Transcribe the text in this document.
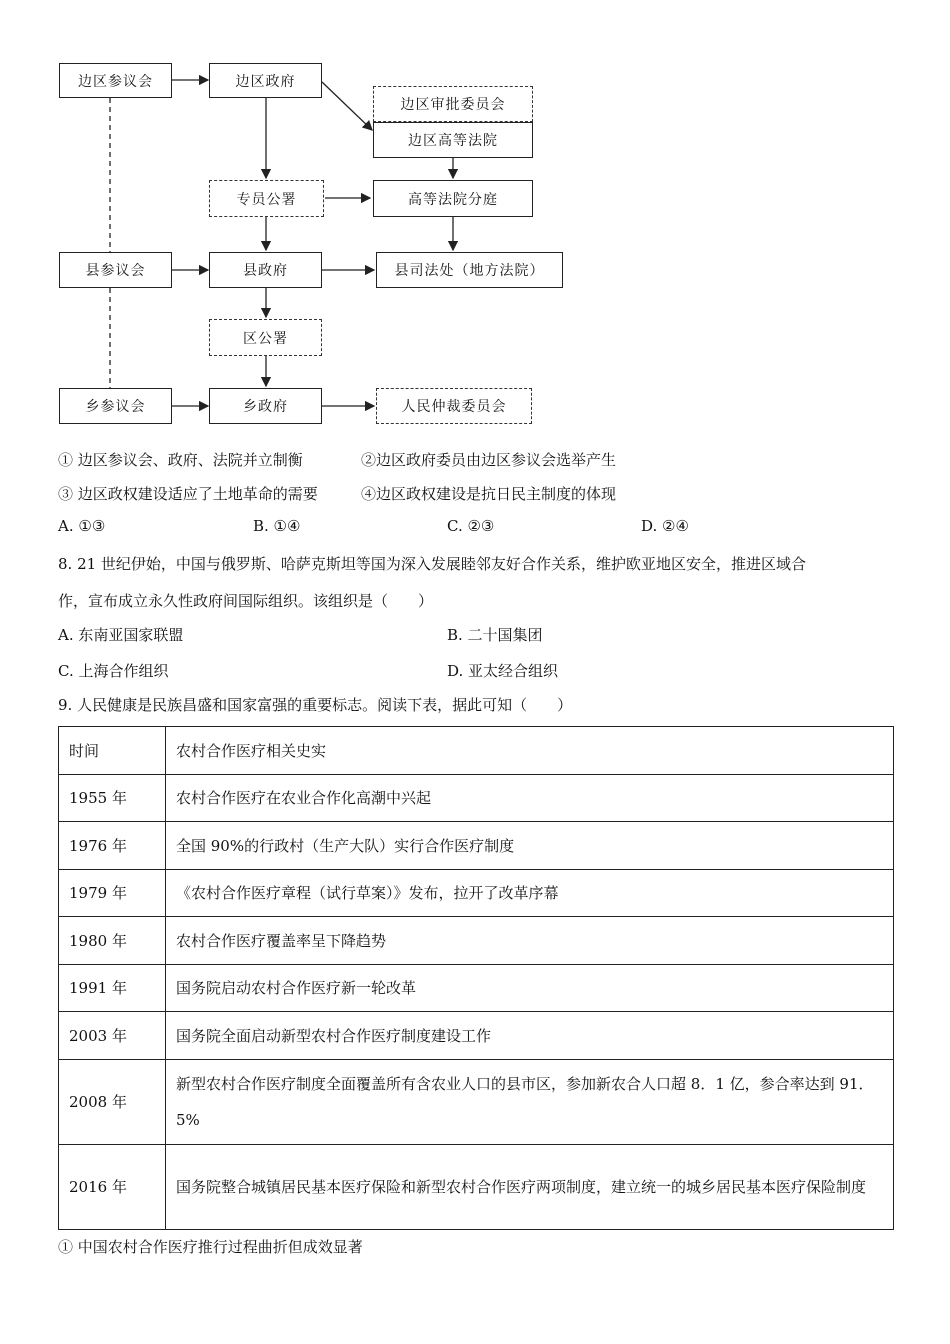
边区参议会	边区政府
边区审批委员会
边区高等法院
专员公署	高等法院分庭
县参议会	县政府	县司法处（地方法院）
区公署
乡参议会	乡政府	人民仲裁委员会
① 边区参议会、政府、法院并立制衡	②边区政府委员由边区参议会选举产生
③ 边区政权建设适应了土地革命的需要	④边区政权建设是抗日民主制度的体现
A. ①③	B. ①④	C. ②③	D. ②④
8. 21 世纪伊始，中国与俄罗斯、哈萨克斯坦等国为深入发展睦邻友好合作关系，维护欧亚地区安全，推进区域合
作，宣布成立永久性政府间国际组织。该组织是（　　）
A. 东南亚国家联盟	B. 二十国集团
C. 上海合作组织	D. 亚太经合组织
9. 人民健康是民族昌盛和国家富强的重要标志。阅读下表，据此可知（　　）
时间	农村合作医疗相关史实
1955 年	农村合作医疗在农业合作化高潮中兴起
1976 年	全国 90%的行政村（生产大队）实行合作医疗制度
1979 年	《农村合作医疗章程（试行草案）》发布，拉开了改革序幕
1980 年	农村合作医疗覆盖率呈下降趋势
1991 年	国务院启动农村合作医疗新一轮改革
2003 年	国务院全面启动新型农村合作医疗制度建设工作
2008 年	新型农村合作医疗制度全面覆盖所有含农业人口的县市区，参加新农合人口超 8．1 亿，参合率达到 91．5%
2016 年	国务院整合城镇居民基本医疗保险和新型农村合作医疗两项制度，建立统一的城乡居民基本医疗保险制度
① 中国农村合作医疗推行过程曲折但成效显著
